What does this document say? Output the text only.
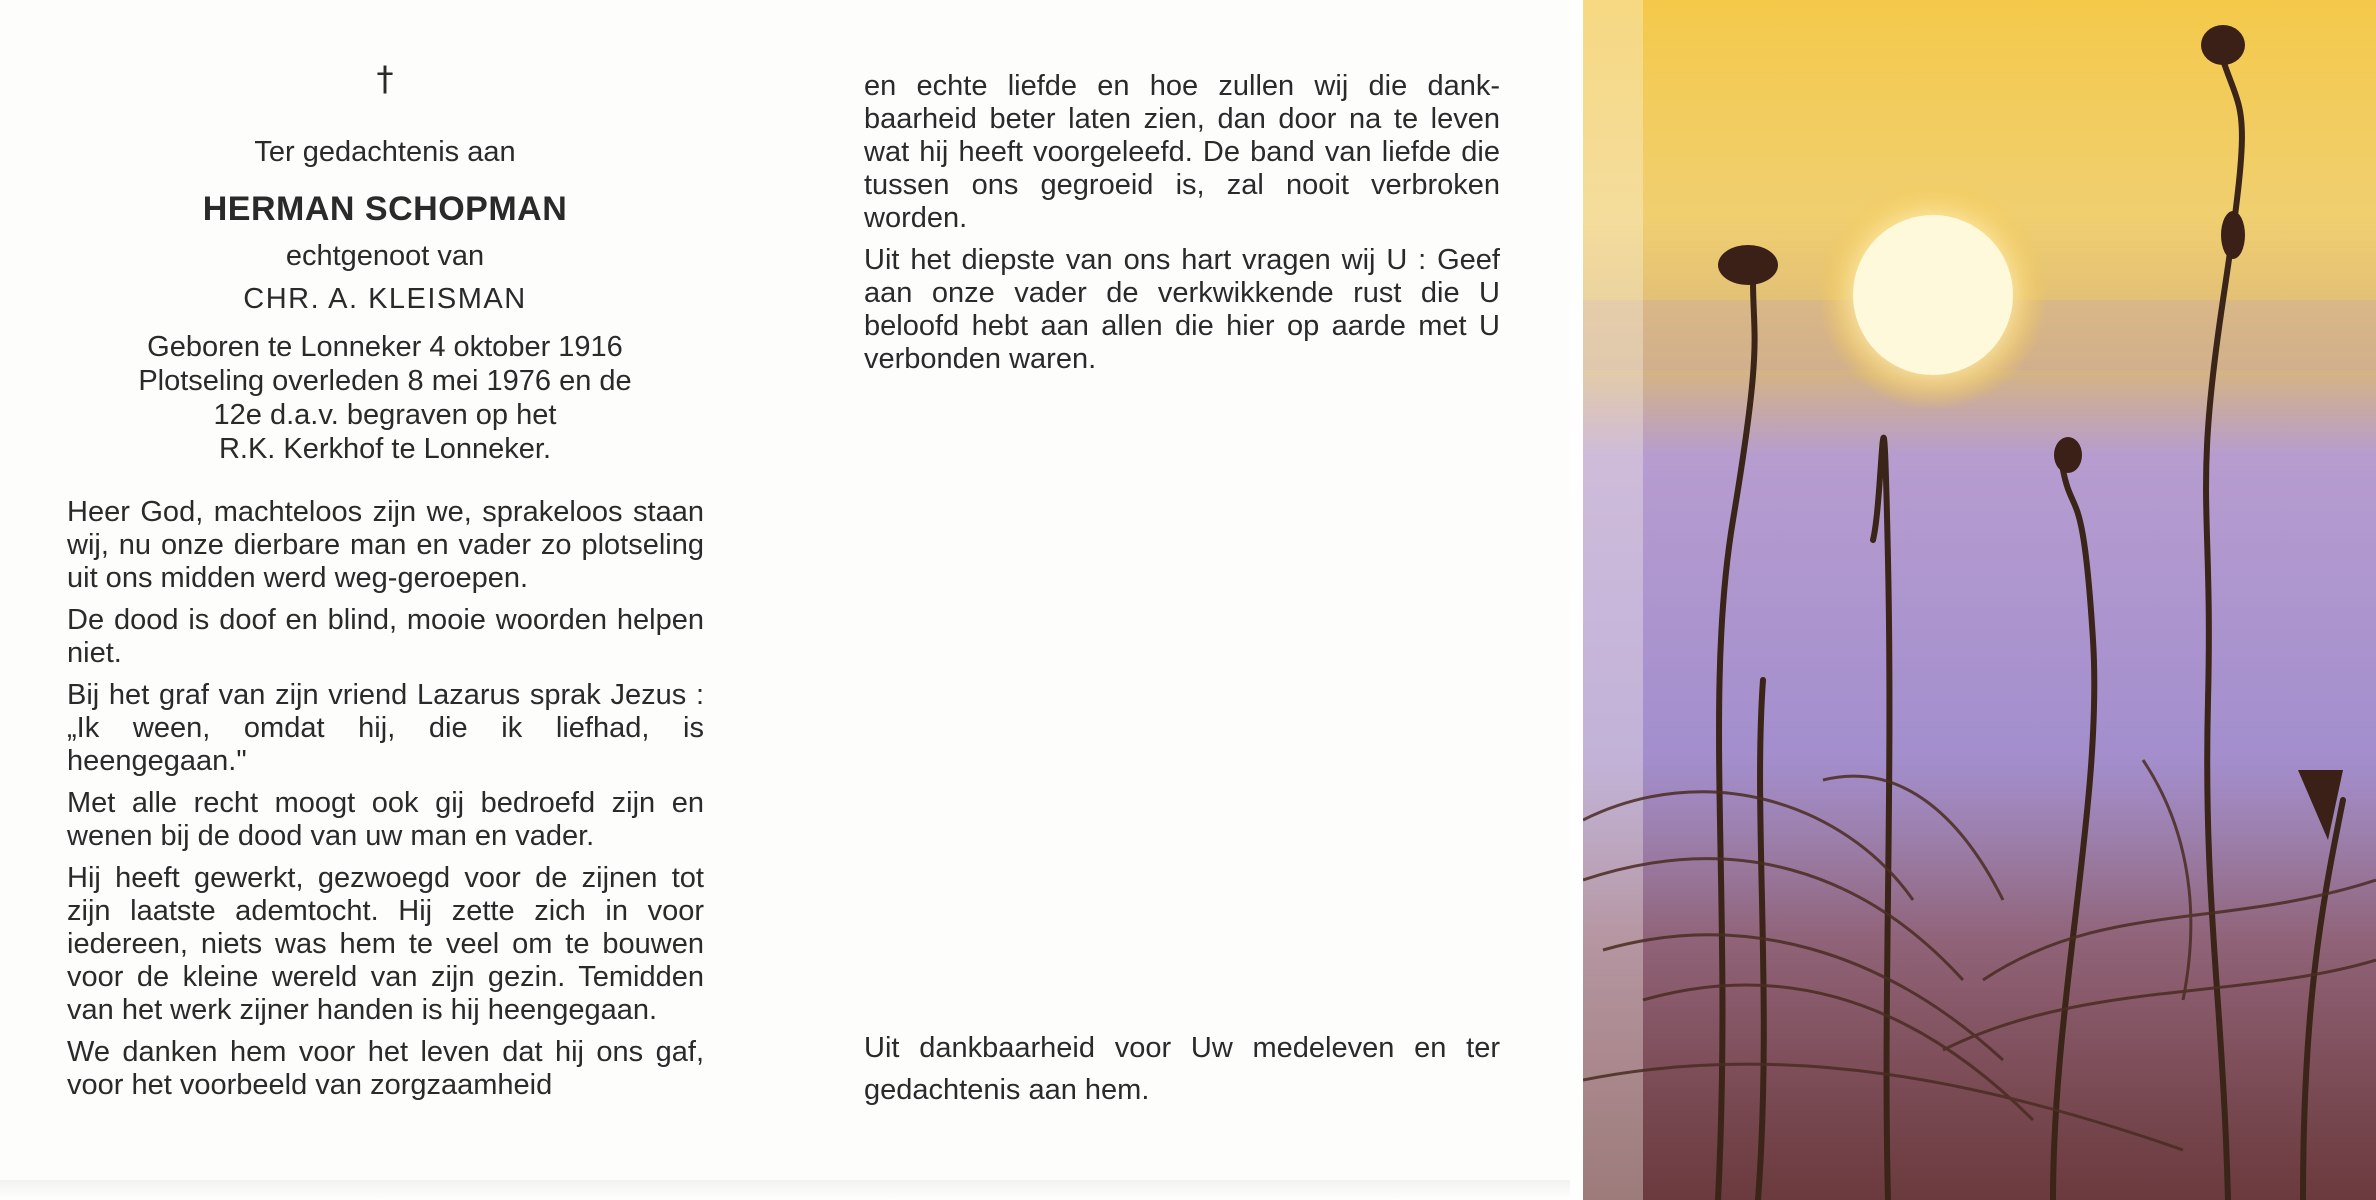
†
Ter gedachtenis aan
HERMAN SCHOPMAN
echtgenoot van
CHR. A. KLEISMAN
Geboren te Lonneker 4 oktober 1916
Plotseling overleden 8 mei 1976 en de
12e d.a.v. begraven op het
R.K. Kerkhof te Lonneker.

Heer God, machteloos zijn we, sprakeloos staan wij, nu onze dierbare man en vader zo plotseling uit ons midden werd weg-geroepen.

De dood is doof en blind, mooie woorden helpen niet.

Bij het graf van zijn vriend Lazarus sprak Jezus : „Ik ween, omdat hij, die ik liefhad, is heengegaan."

Met alle recht moogt ook gij bedroefd zijn en wenen bij de dood van uw man en vader.

Hij heeft gewerkt, gezwoegd voor de zijnen tot zijn laatste ademtocht. Hij zette zich in voor iedereen, niets was hem te veel om te bouwen voor de kleine wereld van zijn gezin. Temidden van het werk zijner handen is hij heengegaan.

We danken hem voor het leven dat hij ons gaf, voor het voorbeeld van zorgzaamheid

en echte liefde en hoe zullen wij die dank-baarheid beter laten zien, dan door na te leven wat hij heeft voorgeleefd. De band van liefde die tussen ons gegroeid is, zal nooit verbroken worden.

Uit het diepste van ons hart vragen wij U : Geef aan onze vader de verkwikkende rust die U beloofd hebt aan allen die hier op aarde met U verbonden waren.

Uit dankbaarheid voor Uw medeleven en ter gedachtenis aan hem.
